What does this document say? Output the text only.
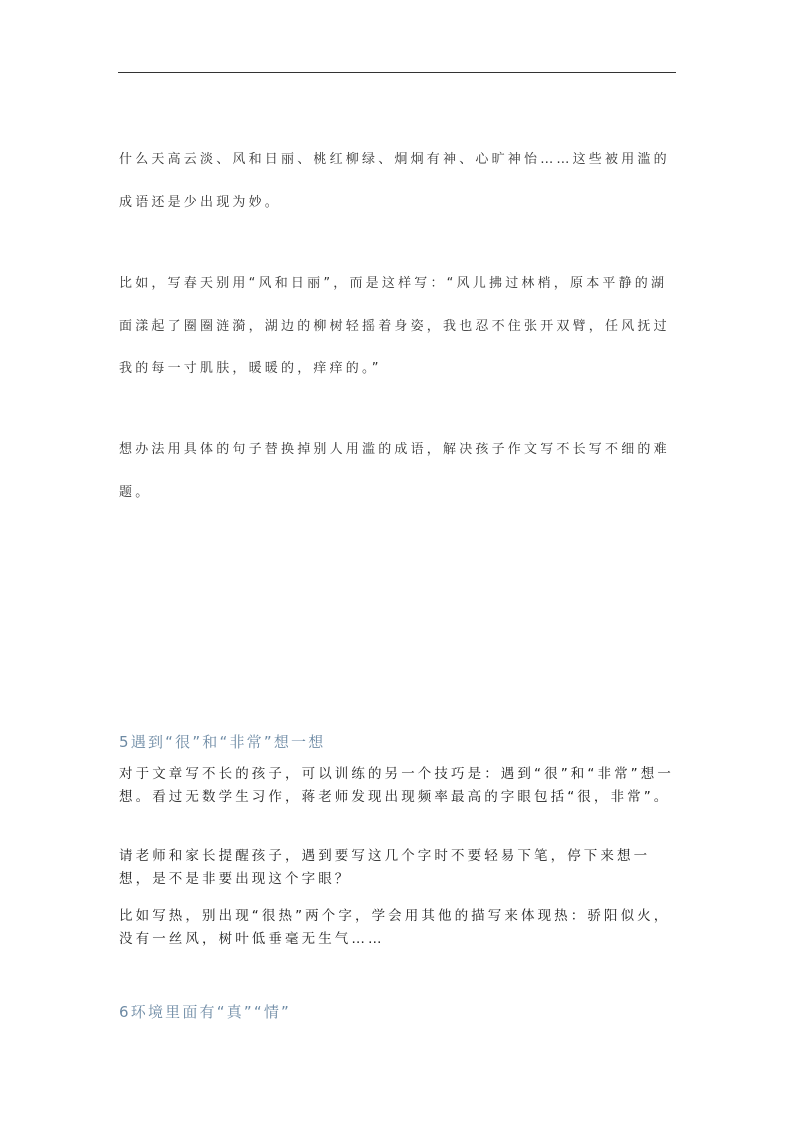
什么天高云淡、风和日丽、桃红柳绿、炯炯有神、心旷神怡……这些被用滥的成语还是少出现为妙。

比如，写春天别用“风和日丽”，而是这样写：“风儿拂过林梢，原本平静的湖面漾起了圈圈涟漪，湖边的柳树轻摇着身姿，我也忍不住张开双臂，任风抚过我的每一寸肌肤，暖暖的，痒痒的。”

想办法用具体的句子替换掉别人用滥的成语，解决孩子作文写不长写不细的难题。

5遇到“很”和“非常”想一想

对于文章写不长的孩子，可以训练的另一个技巧是：遇到“很”和“非常”想一想。看过无数学生习作，蒋老师发现出现频率最高的字眼包括“很，非常”。

请老师和家长提醒孩子，遇到要写这几个字时不要轻易下笔，停下来想一想，是不是非要出现这个字眼？

比如写热，别出现“很热”两个字，学会用其他的描写来体现热：骄阳似火，没有一丝风，树叶低垂毫无生气……

6环境里面有“真”“情”
